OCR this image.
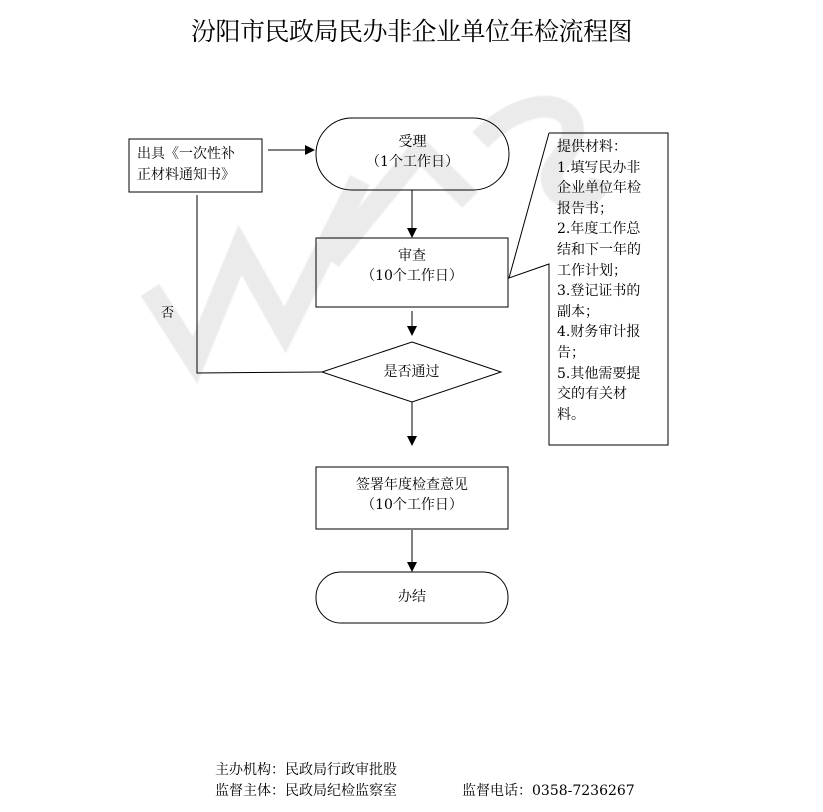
汾阳市民政局民办非企业单位年检流程图
出具《一次性补
正材料通知书》
受理
（1个工作日）
审查
（10个工作日）
是否通过
签署年度检查意见
（10个工作日）
办结
否
提供材料：
1.填写民办非
企业单位年检
报告书；
2.年度工作总
结和下一年的
工作计划；
3.登记证书的
副本；
4.财务审计报
告；
5.其他需要提
交的有关材
料。
主办机构：民政局行政审批股
监督主体：民政局纪检监察室	监督电话：0358-7236267
